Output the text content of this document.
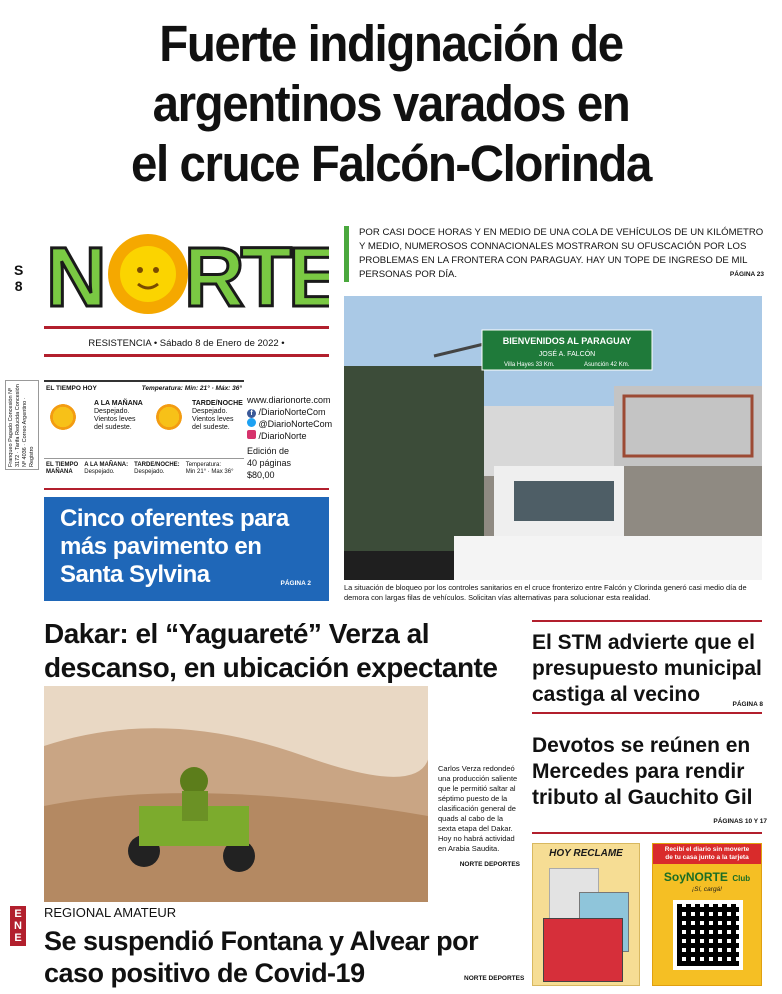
Fuerte indignación de
argentinos varados en
el cruce Falcón-Clorinda
S
8 N RTE
RESISTENCIA • Sábado 8 de Enero de 2022 •
Franqueo Pagado Concesión Nº 3172 · Tarifa Reducida Concesión Nº 4036 · Correo Argentino · Registro
EL TIEMPO HOY	Temperatura: Min: 21° · Máx: 36°
A LA MAÑANA
Despejado. Vientos leves del sudeste.
TARDE/NOCHE
Despejado. Vientos leves del sudeste.
EL TIEMPO
MAÑANA
A LA MAÑANA:
Despejado.
TARDE/NOCHE:
Despejado.
Temperatura:
Min 21° · Max 36°
www.diarionorte.com
f /DiarioNorteCom
@DiarioNorteCom
/DiarioNorte
Edición de
40 páginas
$80,00
Cinco oferentes para más pavimento en Santa Sylvina	PÁGINA 2
POR CASI DOCE HORAS Y EN MEDIO DE UNA COLA DE VEHÍCULOS DE UN KILÓMETRO Y MEDIO, NUMEROSOS CONNACIONALES MOSTRARON SU OFUSCACIÓN POR LOS PROBLEMAS EN LA FRONTERA CON PARAGUAY. HAY UN TOPE DE INGRESO DE MIL PERSONAS POR DÍA.	PÁGINA 23
BIENVENIDOS AL PARAGUAY
JOSÉ A. FALCÓN
Villa Hayes 33 Km.	Asunción 42 Km.
La situación de bloqueo por los controles sanitarios en el cruce fronterizo entre Falcón y Clorinda generó casi medio día de demora con largas filas de vehículos. Solicitan vías alternativas para solucionar esta realidad.
Dakar: el “Yaguareté” Verza al descanso, en ubicación expectante
Carlos Verza redondeó una producción saliente que le permitió saltar al séptimo puesto de la clasificación general de quads al cabo de la sexta etapa del Dakar. Hoy no habrá actividad en Arabia Saudita.
NORTE DEPORTES
El STM advierte que el presupuesto municipal castiga al vecino	PÁGINA 8
Devotos se reúnen en Mercedes para rendir tributo al Gauchito Gil
PÁGINAS 10 Y 17
HOY RECLAME	Recibí el diario sin moverte
de tu casa junto a la tarjeta
SoyNORTE Club
¡Sí, cargá!
ENE REGIONAL AMATEUR
Se suspendió Fontana y Alvear por caso positivo de Covid-19	NORTE DEPORTES
